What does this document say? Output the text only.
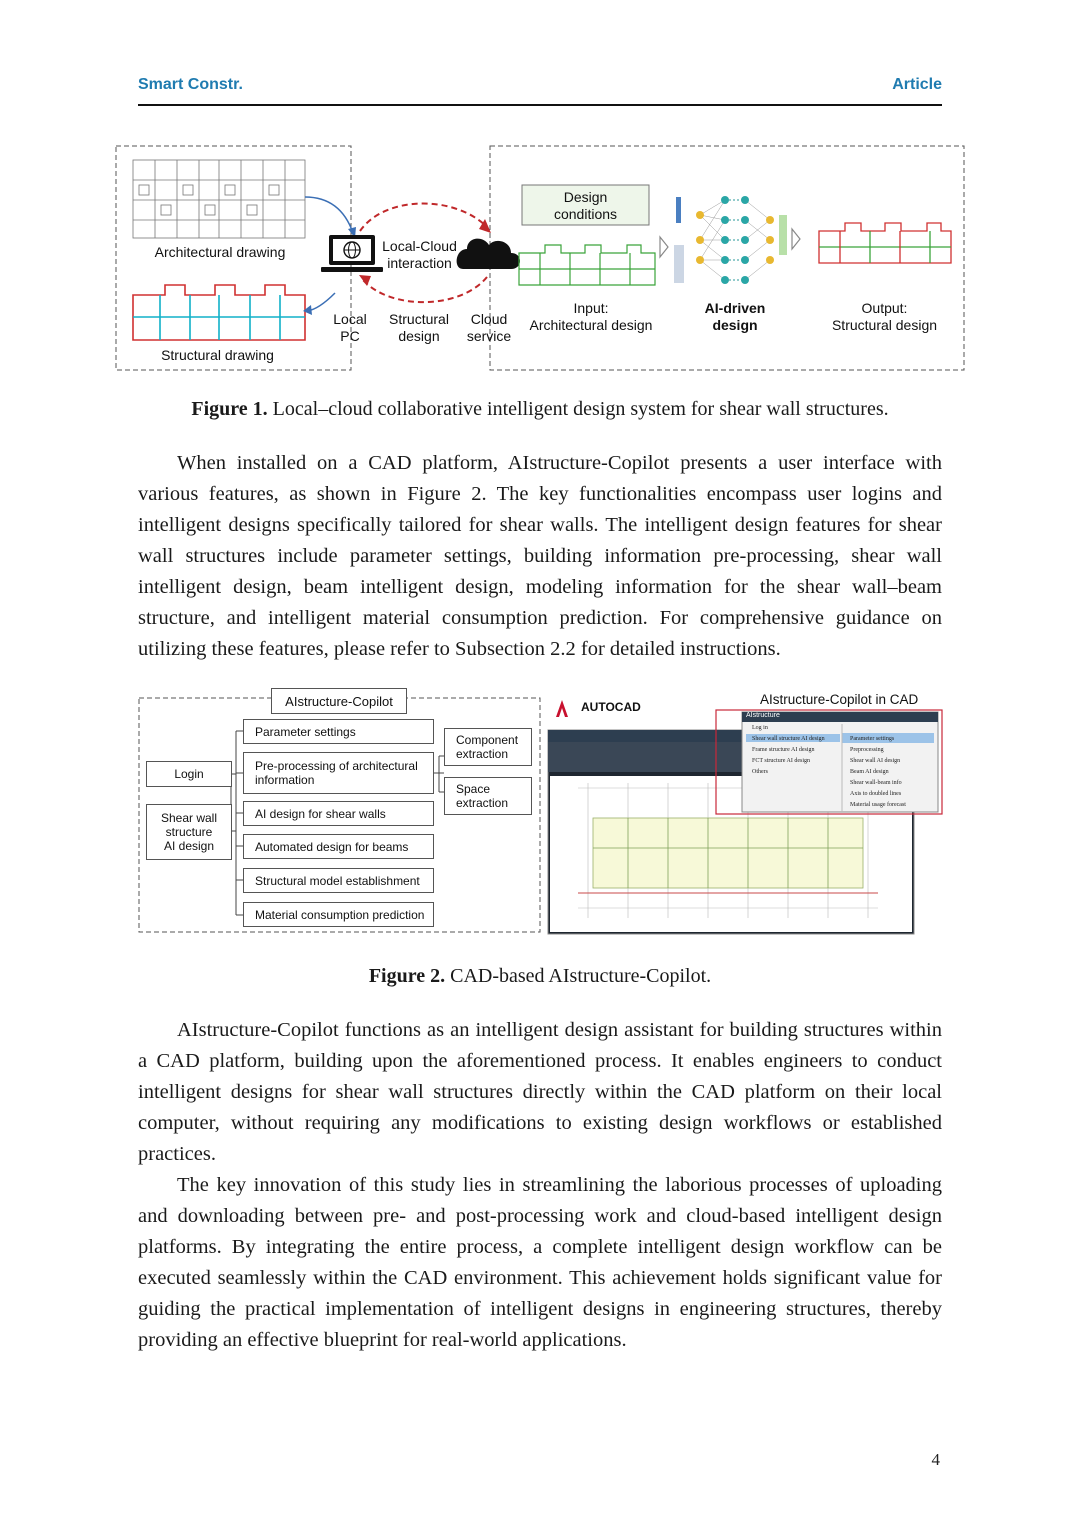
Smart Constr.	Article
Architectural drawing
Structural drawing
Local-Cloud
interaction
Local
PC
Structural
design
Cloud
service
Design
conditions
Input:
Architectural design
AI-driven
design
Output:
Structural design
Figure 1. Local–cloud collaborative intelligent design system for shear wall structures.

When installed on a CAD platform, AIstructure-Copilot presents a user interface with various features, as shown in Figure 2. The key functionalities encompass user logins and intelligent designs specifically tailored for shear walls. The intelligent design features for shear wall structures include parameter settings, building information pre-processing, shear wall intelligent design, beam intelligent design, modeling information for the shear wall–beam structure, and intelligent material consumption prediction. For comprehensive guidance on utilizing these features, please refer to Subsection 2.2 for detailed instructions.

AIstructure-Copilot
Login
Shear wall
structure
AI design
Parameter settings
Pre-processing of architectural information
AI design for shear walls
Automated design for beams
Structural model establishment
Material consumption prediction
Component
extraction
Space
extraction
AUTOCAD	AIstructure-Copilot in CAD
AIstructure
Log in
Shear wall structure AI design
Frame structure AI design
FCT structure AI design
Others
Parameter settings
Preprocessing
Shear wall AI design
Beam AI design
Shear wall-beam info
Axis to doubled lines
Material usage forecast
Figure 2. CAD-based AIstructure-Copilot.

AIstructure-Copilot functions as an intelligent design assistant for building structures within a CAD platform, building upon the aforementioned process. It enables engineers to conduct intelligent designs for shear wall structures directly within the CAD platform on their local computer, without requiring any modifications to existing design workflows or established practices.

The key innovation of this study lies in streamlining the laborious processes of uploading and downloading between pre- and post-processing work and cloud-based intelligent design platforms. By integrating the entire process, a complete intelligent design workflow can be executed seamlessly within the CAD environment. This achievement holds significant value for guiding the practical implementation of intelligent designs in engineering structures, thereby providing an effective blueprint for real-world applications.

4
